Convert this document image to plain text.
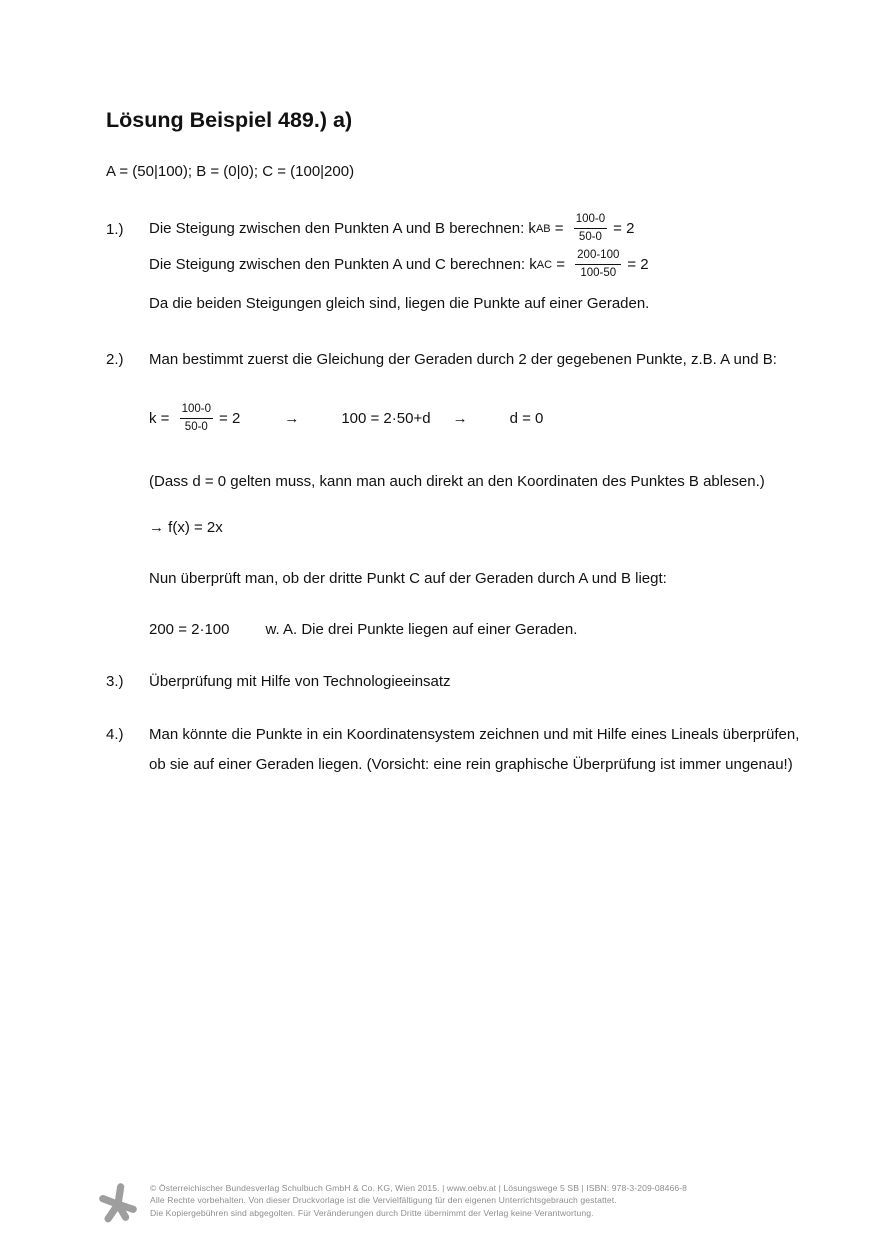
Lösung Beispiel 489.) a)
A = (50|100); B = (0|0); C = (100|200)
1.)	Die Steigung zwischen den Punkten A und B berechnen: k AB = $\frac{100-0}{50-0} = 2$
Die Steigung zwischen den Punkten A und C berechnen: k AC = $\frac{200-100}{100-50} = 2$
Da die beiden Steigungen gleich sind, liegen die Punkte auf einer Geraden.
2.)	Man bestimmt zuerst die Gleichung der Geraden durch 2 der gegebenen Punkte, z.B. A und B:
$k = \frac{100-0}{50-0} = 2$	→	100 = 2·50+d →	d = 0
(Dass d = 0 gelten muss, kann man auch direkt an den Koordinaten des Punktes B ablesen.)
→ f(x) = 2x
Nun überprüft man, ob der dritte Punkt C auf der Geraden durch A und B liegt:
200 = 2·100 w. A. Die drei Punkte liegen auf einer Geraden.
3.)	Überprüfung mit Hilfe von Technologieeinsatz
4.)	Man könnte die Punkte in ein Koordinatensystem zeichnen und mit Hilfe eines Lineals überprüfen,
ob sie auf einer Geraden liegen. (Vorsicht: eine rein graphische Überprüfung ist immer ungenau!)
© Österreichischer Bundesverlag Schulbuch GmbH & Co. KG, Wien 2015. | www.oebv.at | Lösungswege 5 SB | ISBN: 978-3-209-08466-8
Alle Rechte vorbehalten. Von dieser Druckvorlage ist die Vervielfältigung für den eigenen Unterrichtsgebrauch gestattet.
Die Kopiergebühren sind abgegolten. Für Veränderungen durch Dritte übernimmt der Verlag keine Verantwortung.
